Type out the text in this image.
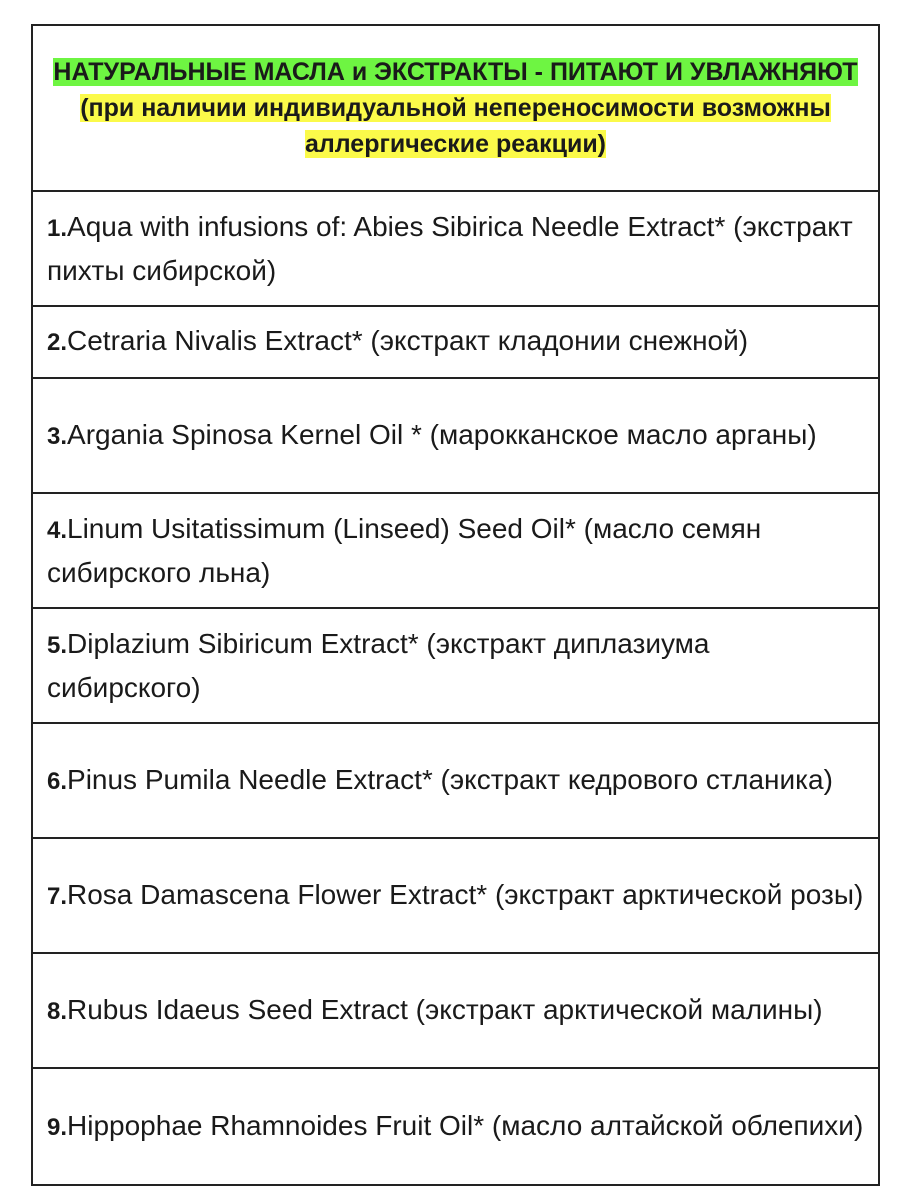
НАТУРАЛЬНЫЕ МАСЛА и ЭКСТРАКТЫ - ПИТАЮТ И УВЛАЖНЯЮТ

(при наличии индивидуальной непереносимости возможны аллергические реакции)

1.Aqua with infusions of: Abies Sibirica Needle Extract* (экстракт пихты сибирской)

2.Cetraria Nivalis Extract* (экстракт кладонии снежной)

3.Argania Spinosa Kernel Oil * (марокканское масло арганы)

4.Linum Usitatissimum (Linseed) Seed Oil* (масло семян сибирского льна)

5.Diplazium Sibiricum Extract* (экстракт диплазиума сибирского)

6.Pinus Pumila Needle Extract* (экстракт кедрового стланика)

7.Rosa Damascena Flower Extract* (экстракт арктической розы)

8.Rubus Idaeus Seed Extract (экстракт арктической малины)

9.Hippophae Rhamnoides Fruit Oil* (масло алтайской облепихи)
